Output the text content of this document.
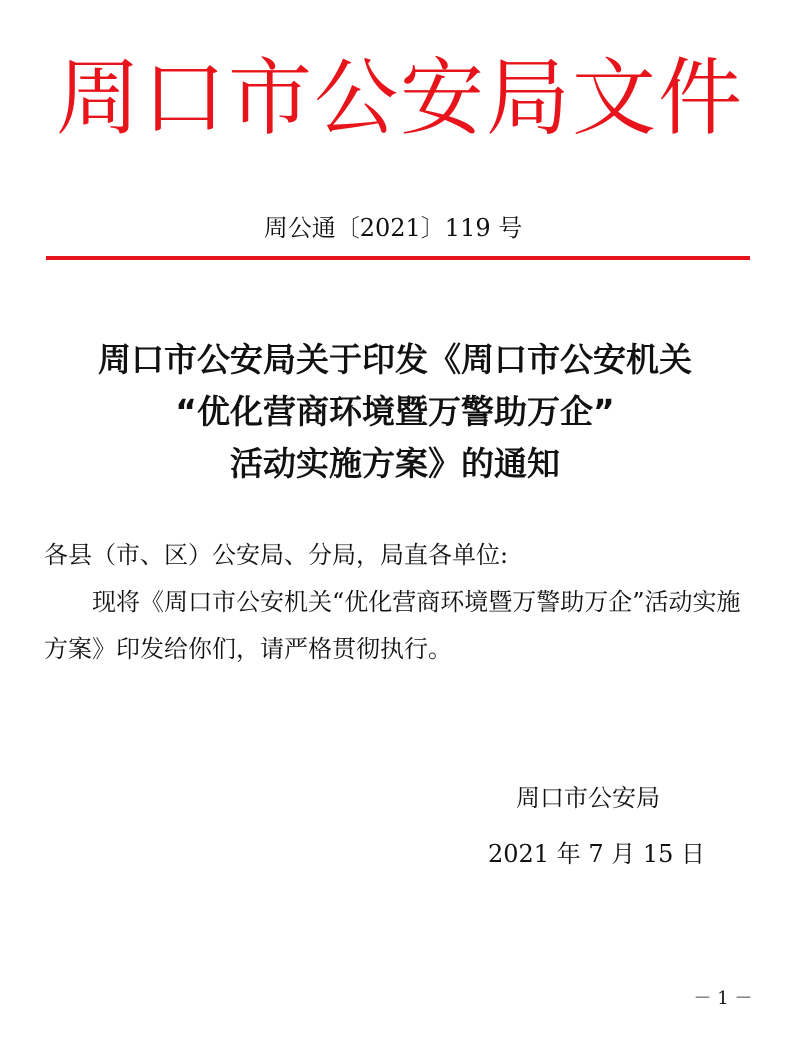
周口市公安局文件
周公通〔2021〕119 号
周口市公安局关于印发《周口市公安机关
“优化营商环境暨万警助万企”
活动实施方案》的通知

各县（市、区）公安局、分局，局直各单位:

现将《周口市公安机关“优化营商环境暨万警助万企”活动实施方案》印发给你们，请严格贯彻执行。

周口市公安局
2021 年 7 月 15 日
－ 1 －
